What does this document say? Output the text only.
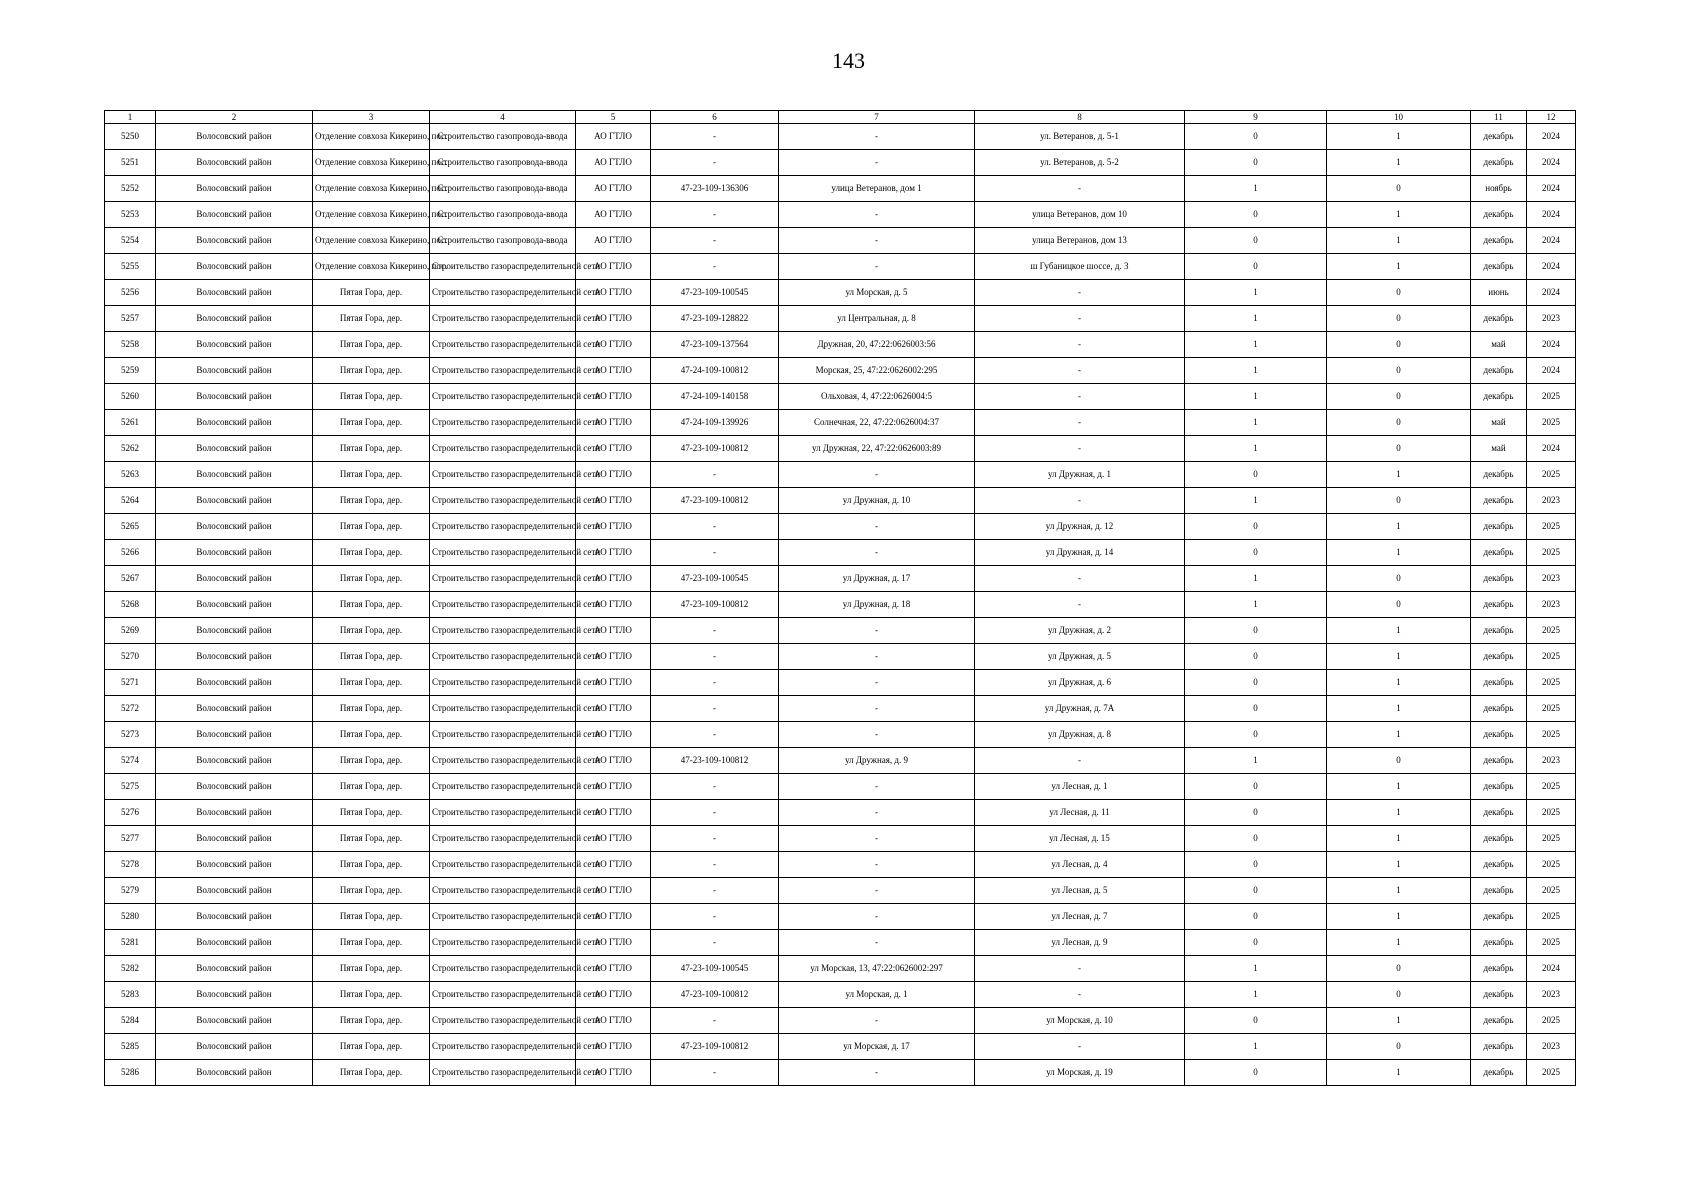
143
1	2	3	4	5	6	7	8	9	10	11	12
5250	Волосовский район	Отделение совхоза Кикерино, пос.	Строительство газопровода-ввода	АО ГТЛО	-	-	ул. Ветеранов, д. 5-1	0	1	декабрь	2024
5251	Волосовский район	Отделение совхоза Кикерино, пос.	Строительство газопровода-ввода	АО ГТЛО	-	-	ул. Ветеранов, д. 5-2	0	1	декабрь	2024
5252	Волосовский район	Отделение совхоза Кикерино, пос.	Строительство газопровода-ввода	АО ГТЛО	47-23-109-136306	улица Ветеранов, дом 1	-	1	0	ноябрь	2024
5253	Волосовский район	Отделение совхоза Кикерино, пос.	Строительство газопровода-ввода	АО ГТЛО	-	-	улица Ветеранов, дом 10	0	1	декабрь	2024
5254	Волосовский район	Отделение совхоза Кикерино, пос.	Строительство газопровода-ввода	АО ГТЛО	-	-	улица Ветеранов, дом 13	0	1	декабрь	2024
5255	Волосовский район	Отделение совхоза Кикерино, пос.	Строительство газораспределительной сети	АО ГТЛО	-	-	ш Губаницкое шоссе, д. 3	0	1	декабрь	2024
5256	Волосовский район	Пятая Гора, дер.	Строительство газораспределительной сети	АО ГТЛО	47-23-109-100545	ул Морская, д. 5	-	1	0	июнь	2024
5257	Волосовский район	Пятая Гора, дер.	Строительство газораспределительной сети	АО ГТЛО	47-23-109-128822	ул Центральная, д. 8	-	1	0	декабрь	2023
5258	Волосовский район	Пятая Гора, дер.	Строительство газораспределительной сети	АО ГТЛО	47-23-109-137564	Дружная, 20, 47:22:0626003:56	-	1	0	май	2024
5259	Волосовский район	Пятая Гора, дер.	Строительство газораспределительной сети	АО ГТЛО	47-24-109-100812	Морская, 25, 47:22:0626002:295	-	1	0	декабрь	2024
5260	Волосовский район	Пятая Гора, дер.	Строительство газораспределительной сети	АО ГТЛО	47-24-109-140158	Ольховая, 4, 47:22:0626004:5	-	1	0	декабрь	2025
5261	Волосовский район	Пятая Гора, дер.	Строительство газораспределительной сети	АО ГТЛО	47-24-109-139926	Солнечная, 22, 47:22:0626004:37	-	1	0	май	2025
5262	Волосовский район	Пятая Гора, дер.	Строительство газораспределительной сети	АО ГТЛО	47-23-109-100812	ул Дружная, 22, 47:22:0626003:89	-	1	0	май	2024
5263	Волосовский район	Пятая Гора, дер.	Строительство газораспределительной сети	АО ГТЛО	-	-	ул Дружная, д. 1	0	1	декабрь	2025
5264	Волосовский район	Пятая Гора, дер.	Строительство газораспределительной сети	АО ГТЛО	47-23-109-100812	ул Дружная, д. 10	-	1	0	декабрь	2023
5265	Волосовский район	Пятая Гора, дер.	Строительство газораспределительной сети	АО ГТЛО	-	-	ул Дружная, д. 12	0	1	декабрь	2025
5266	Волосовский район	Пятая Гора, дер.	Строительство газораспределительной сети	АО ГТЛО	-	-	ул Дружная, д. 14	0	1	декабрь	2025
5267	Волосовский район	Пятая Гора, дер.	Строительство газораспределительной сети	АО ГТЛО	47-23-109-100545	ул Дружная, д. 17	-	1	0	декабрь	2023
5268	Волосовский район	Пятая Гора, дер.	Строительство газораспределительной сети	АО ГТЛО	47-23-109-100812	ул Дружная, д. 18	-	1	0	декабрь	2023
5269	Волосовский район	Пятая Гора, дер.	Строительство газораспределительной сети	АО ГТЛО	-	-	ул Дружная, д. 2	0	1	декабрь	2025
5270	Волосовский район	Пятая Гора, дер.	Строительство газораспределительной сети	АО ГТЛО	-	-	ул Дружная, д. 5	0	1	декабрь	2025
5271	Волосовский район	Пятая Гора, дер.	Строительство газораспределительной сети	АО ГТЛО	-	-	ул Дружная, д. 6	0	1	декабрь	2025
5272	Волосовский район	Пятая Гора, дер.	Строительство газораспределительной сети	АО ГТЛО	-	-	ул Дружная, д. 7А	0	1	декабрь	2025
5273	Волосовский район	Пятая Гора, дер.	Строительство газораспределительной сети	АО ГТЛО	-	-	ул Дружная, д. 8	0	1	декабрь	2025
5274	Волосовский район	Пятая Гора, дер.	Строительство газораспределительной сети	АО ГТЛО	47-23-109-100812	ул Дружная, д. 9	-	1	0	декабрь	2023
5275	Волосовский район	Пятая Гора, дер.	Строительство газораспределительной сети	АО ГТЛО	-	-	ул Лесная, д. 1	0	1	декабрь	2025
5276	Волосовский район	Пятая Гора, дер.	Строительство газораспределительной сети	АО ГТЛО	-	-	ул Лесная, д. 11	0	1	декабрь	2025
5277	Волосовский район	Пятая Гора, дер.	Строительство газораспределительной сети	АО ГТЛО	-	-	ул Лесная, д. 15	0	1	декабрь	2025
5278	Волосовский район	Пятая Гора, дер.	Строительство газораспределительной сети	АО ГТЛО	-	-	ул Лесная, д. 4	0	1	декабрь	2025
5279	Волосовский район	Пятая Гора, дер.	Строительство газораспределительной сети	АО ГТЛО	-	-	ул Лесная, д. 5	0	1	декабрь	2025
5280	Волосовский район	Пятая Гора, дер.	Строительство газораспределительной сети	АО ГТЛО	-	-	ул Лесная, д. 7	0	1	декабрь	2025
5281	Волосовский район	Пятая Гора, дер.	Строительство газораспределительной сети	АО ГТЛО	-	-	ул Лесная, д. 9	0	1	декабрь	2025
5282	Волосовский район	Пятая Гора, дер.	Строительство газораспределительной сети	АО ГТЛО	47-23-109-100545	ул Морская, 13, 47:22:0626002:297	-	1	0	декабрь	2024
5283	Волосовский район	Пятая Гора, дер.	Строительство газораспределительной сети	АО ГТЛО	47-23-109-100812	ул Морская, д. 1	-	1	0	декабрь	2023
5284	Волосовский район	Пятая Гора, дер.	Строительство газораспределительной сети	АО ГТЛО	-	-	ул Морская, д. 10	0	1	декабрь	2025
5285	Волосовский район	Пятая Гора, дер.	Строительство газораспределительной сети	АО ГТЛО	47-23-109-100812	ул Морская, д. 17	-	1	0	декабрь	2023
5286	Волосовский район	Пятая Гора, дер.	Строительство газораспределительной сети	АО ГТЛО	-	-	ул Морская, д. 19	0	1	декабрь	2025
